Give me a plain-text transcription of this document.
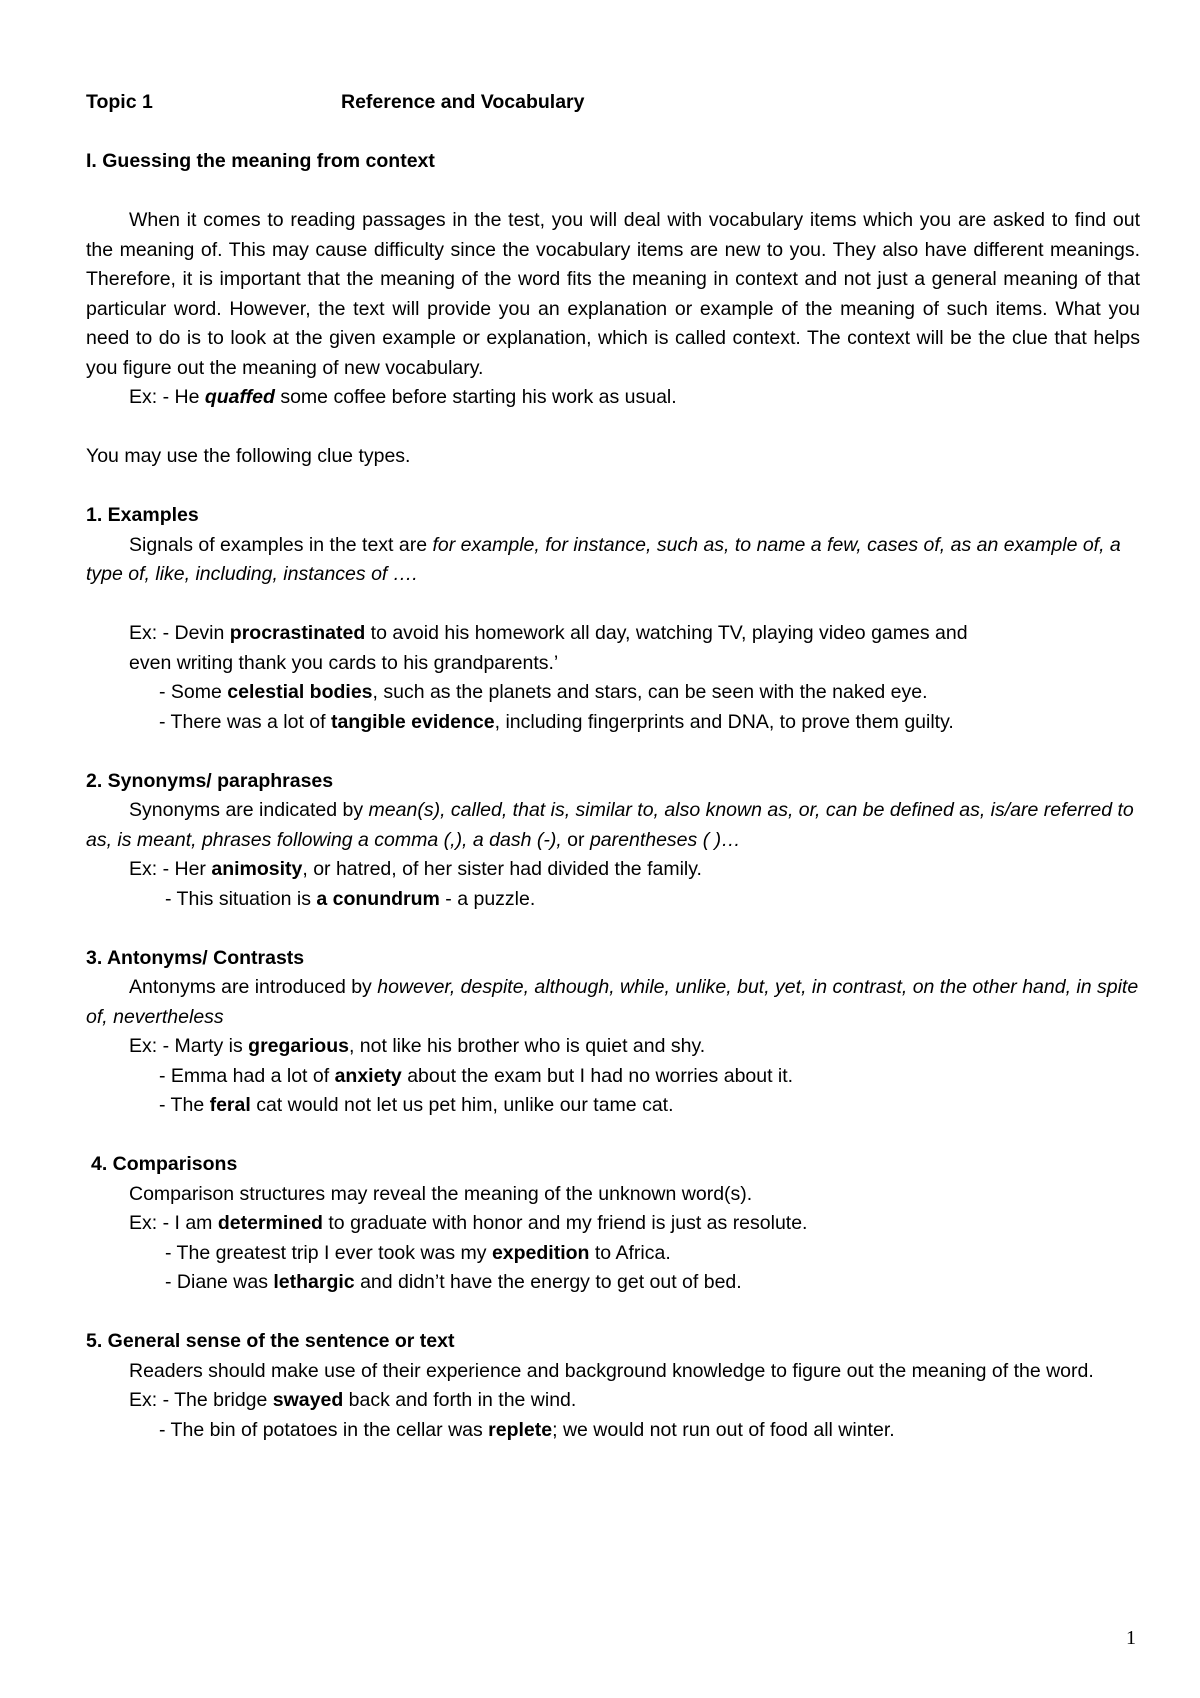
Topic 1	Reference and Vocabulary

I. Guessing the meaning from context

When it comes to reading passages in the test, you will deal with vocabulary items which you are asked to find out the meaning of. This may cause difficulty since the vocabulary items are new to you. They also have different meanings. Therefore, it is important that the meaning of the word fits the meaning in context and not just a general meaning of that particular word. However, the text will provide you an explanation or example of the meaning of such items. What you need to do is to look at the given example or explanation, which is called context. The context will be the clue that helps you figure out the meaning of new vocabulary.

Ex: - He quaffed some coffee before starting his work as usual.

You may use the following clue types.

1. Examples

Signals of examples in the text are for example, for instance, such as, to name a few, cases of, as an example of, a type of, like, including, instances of ….

Ex: - Devin procrastinated to avoid his homework all day, watching TV, playing video games and

even writing thank you cards to his grandparents.’

- Some celestial bodies, such as the planets and stars, can be seen with the naked eye.

- There was a lot of tangible evidence, including fingerprints and DNA, to prove them guilty.

2. Synonyms/ paraphrases

Synonyms are indicated by mean(s), called, that is, similar to, also known as, or, can be defined as, is/are referred to as, is meant, phrases following a comma (,), a dash (-), or parentheses ( )…

Ex: - Her animosity, or hatred, of her sister had divided the family.

- This situation is a conundrum - a puzzle.

3. Antonyms/ Contrasts

Antonyms are introduced by however, despite, although, while, unlike, but, yet, in contrast, on the other hand, in spite of, nevertheless

Ex: - Marty is gregarious, not like his brother who is quiet and shy.

- Emma had a lot of anxiety about the exam but I had no worries about it.

- The feral cat would not let us pet him, unlike our tame cat.

4. Comparisons

Comparison structures may reveal the meaning of the unknown word(s).

Ex: - I am determined to graduate with honor and my friend is just as resolute.

- The greatest trip I ever took was my expedition to Africa.

- Diane was lethargic and didn’t have the energy to get out of bed.

5. General sense of the sentence or text

Readers should make use of their experience and background knowledge to figure out the meaning of the word.

Ex: - The bridge swayed back and forth in the wind.

- The bin of potatoes in the cellar was replete; we would not run out of food all winter.

1
